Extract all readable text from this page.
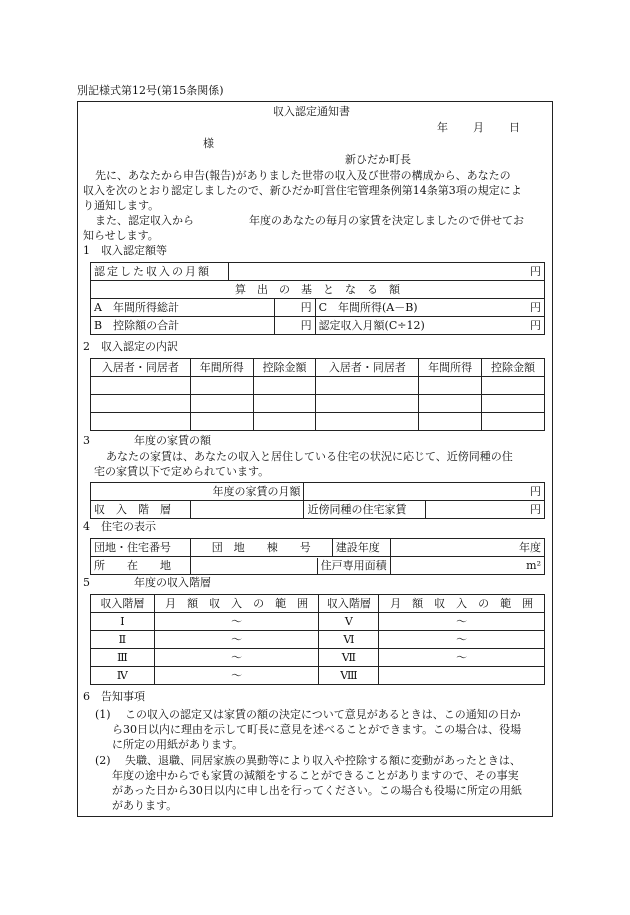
別記様式第12号(第15条関係)
収入認定通知書
年　　月　　日
様
新ひだか町長
先に、あなたから申告(報告)がありました世帯の収入及び世帯の構成から、あなたの
収入を次のとおり認定しましたので、新ひだか町営住宅管理条例第14条第3項の規定によ
り通知します。
また、認定収入から　　　　　年度のあなたの毎月の家賃を決定しましたので併せてお
知らせします。
1　収入認定額等
認定した収入の月額	円		
算　出　の　基　と　な　る　額			
A　年間所得総計		円	C　年間所得(A－B) 円

B　控除額の合計		円	認定収入月額(C÷12) 円
2　収入認定の内訳
入居者・同居者	年間所得	控除金額	入居者・同居者	年間所得	控除金額

3　　　　年度の家賃の額
あなたの家賃は、あなたの収入と居住している住宅の状況に応じて、近傍同種の住
宅の家賃以下で定められています。
年度の家賃の月額		円	
収　入　階　層		近傍同種の住宅家賃	円
4　住宅の表示
団地・住宅番号	団　地　　棟　　号	建設年度	年度
所　　在　　地	住戸専用面積		m²
5　　　　年度の収入階層
収入階層	月　額　収　入　の　範　囲	収入階層	月　額　収　入　の　範　囲
Ⅰ	～	Ⅴ	～
Ⅱ	～	Ⅵ	～
Ⅲ	～	Ⅶ	～
Ⅳ	～	Ⅷ	
6　告知事項
(1) この収入の認定又は家賃の額の決定について意見があるときは、この通知の日か
ら30日以内に理由を示して町長に意見を述べることができます。この場合は、役場
に所定の用紙があります。
(2) 失職、退職、同居家族の異動等により収入や控除する額に変動があったときは、
年度の途中からでも家賃の減額をすることができることがありますので、その事実
があった日から30日以内に申し出を行ってください。この場合も役場に所定の用紙
があります。
